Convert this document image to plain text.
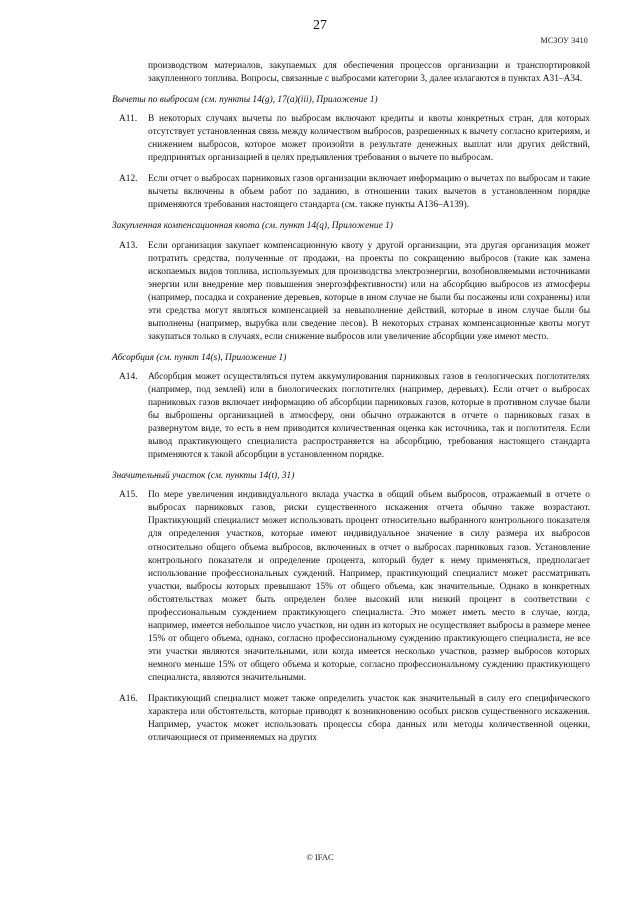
27
МСЗОУ 3410

производством материалов, закупаемых для обеспечения процессов организации и транспортировкой закупленного топлива. Вопросы, связанные с выбросами категории 3, далее излагаются в пунктах A31–A34.

Вычеты по выбросам (см. пункты 14(g), 17(a)(iii), Приложение 1)
A11. В некоторых случаях вычеты по выбросам включают кредиты и квоты конкретных стран, для которых отсутствует установленная связь между количеством выбросов, разрешенных к вычету согласно критериям, и снижением выбросов, которое может произойти в результате денежных выплат или других действий, предпринятых организацией в целях предъявления требования о вычете по выбросам.
A12. Если отчет о выбросах парниковых газов организации включает информацию о вычетах по выбросам и такие вычеты включены в объем работ по заданию, в отношении таких вычетов в установленном порядке применяются требования настоящего стандарта (см. также пункты A136–A139).
Закупленная компенсационная квота (см. пункт 14(q), Приложение 1)
A13. Если организация закупает компенсационную квоту у другой организации, эта другая организация может потратить средства, полученные от продажи, на проекты по сокращению выбросов (такие как замена ископаемых видов топлива, используемых для производства электроэнергии, возобновляемыми источниками энергии или внедрение мер повышения энергоэффективности) или на абсорбцию выбросов из атмосферы (например, посадка и сохранение деревьев, которые в ином случае не были бы посажены или сохранены) или эти средства могут являться компенсацией за невыполнение действий, которые в ином случае были бы выполнены (например, вырубка или сведение лесов). В некоторых странах компенсационные квоты могут закупаться только в случаях, если снижение выбросов или увеличение абсорбции уже имеют место.
Абсорбция (см. пункт 14(s), Приложение 1)
A14. Абсорбция может осуществляться путем аккумулирования парниковых газов в геологических поглотителях (например, под землей) или в биологических поглотителях (например, деревьях). Если отчет о выбросах парниковых газов включает информацию об абсорбции парниковых газов, которые в противном случае были бы выброшены организацией в атмосферу, они обычно отражаются в отчете о парниковых газах в развернутом виде, то есть в нем приводится количественная оценка как источника, так и поглотителя. Если вывод практикующего специалиста распространяется на абсорбцию, требования настоящего стандарта применяются к такой абсорбции в установленном порядке.
Значительный участок (см. пункты 14(t), 31)
A15. По мере увеличения индивидуального вклада участка в общий объем выбросов, отражаемый в отчете о выбросах парниковых газов, риски существенного искажения отчета обычно также возрастают. Практикующий специалист может использовать процент относительно выбранного контрольного показателя для определения участков, которые имеют индивидуальное значение в силу размера их выбросов относительно общего объема выбросов, включенных в отчет о выбросах парниковых газов. Установление контрольного показателя и определение процента, который будет к нему применяться, предполагает использование профессиональных суждений. Например, практикующий специалист может рассматривать участки, выбросы которых превышают 15% от общего объема, как значительные. Однако в конкретных обстоятельствах может быть определен более высокий или низкий процент в соответствии с профессиональным суждением практикующего специалиста. Это может иметь место в случае, когда, например, имеется небольшое число участков, ни один из которых не осуществляет выбросы в размере менее 15% от общего объема, однако, согласно профессиональному суждению практикующего специалиста, не все эти участки являются значительными, или когда имеется несколько участков, размер выбросов которых немного меньше 15% от общего объема и которые, согласно профессиональному суждению практикующего специалиста, являются значительными.
A16. Практикующий специалист может также определить участок как значительный в силу его специфического характера или обстоятельств, которые приводят к возникновению особых рисков существенного искажения. Например, участок может использовать процессы сбора данных или методы количественной оценки, отличающиеся от применяемых на других
© IFAC
